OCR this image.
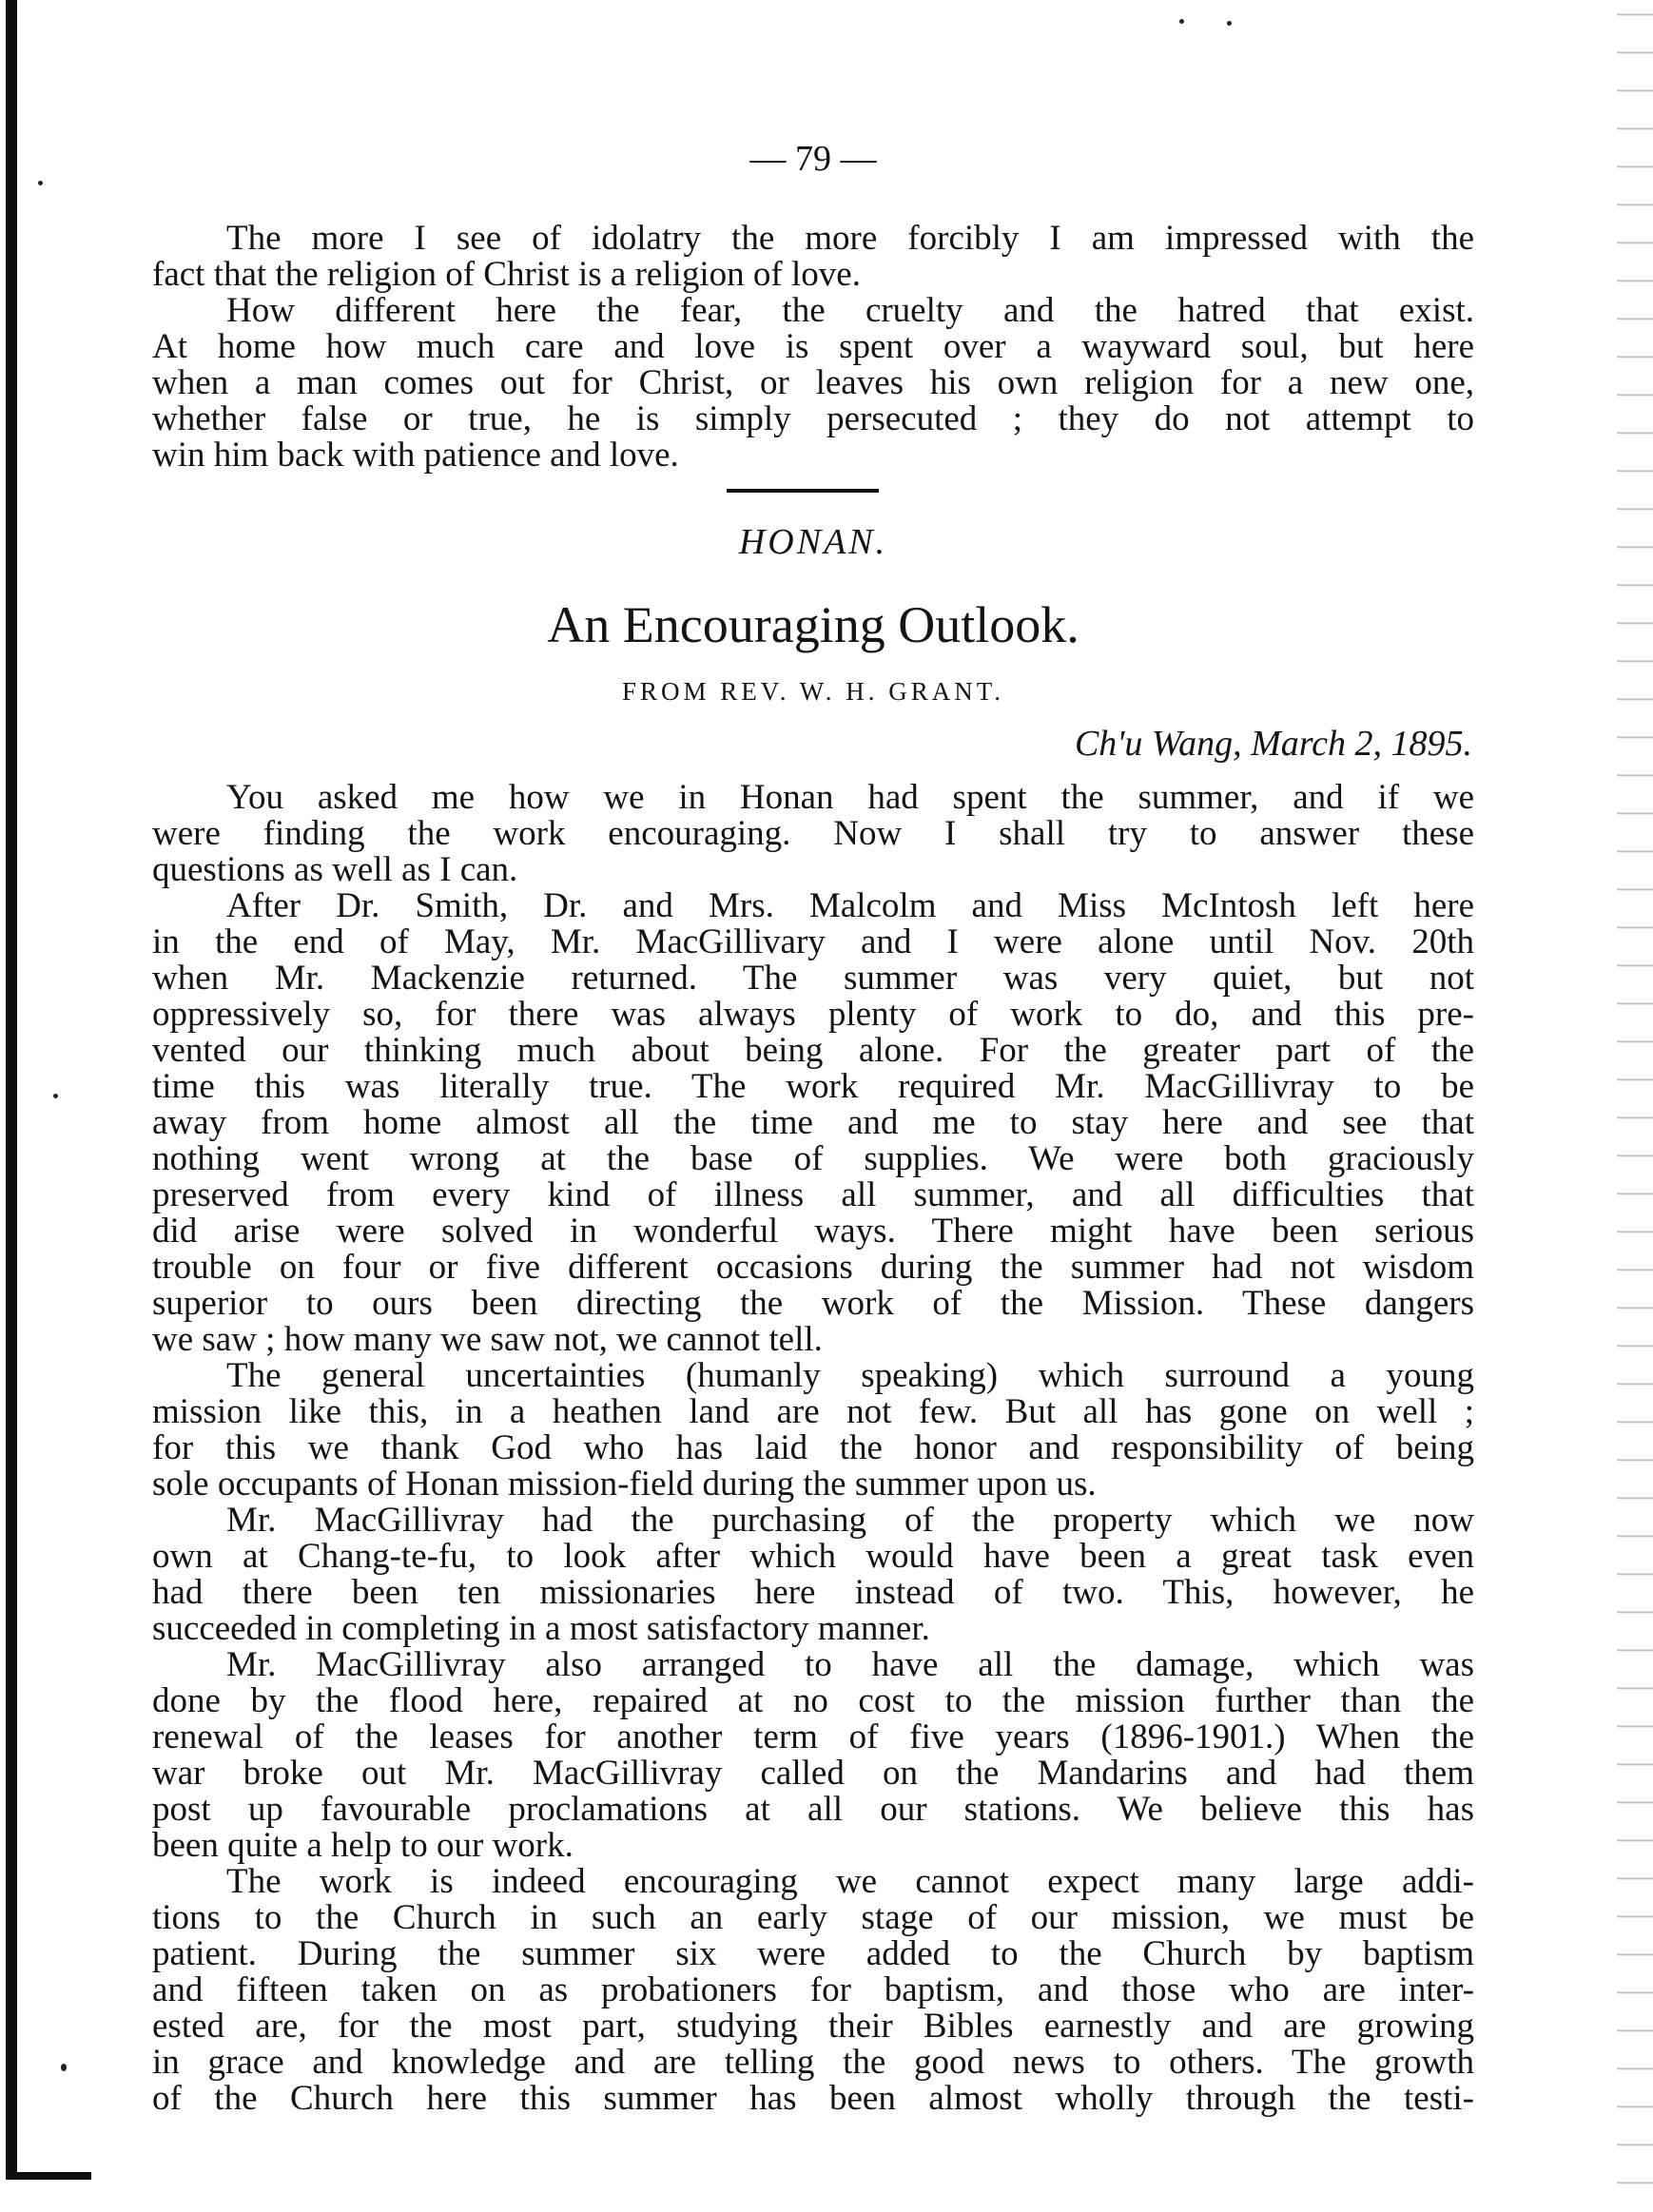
— 79 —
The more I see of idolatry the more forcibly I am impressed with the
fact that the religion of Christ is a religion of love.
How different here the fear, the cruelty and the hatred that exist.
At home how much care and love is spent over a wayward soul, but here
when a man comes out for Christ, or leaves his own religion for a new one,
whether false or true, he is simply persecuted ; they do not attempt to
win him back with patience and love.
HONAN.
An Encouraging Outlook.
FROM REV. W. H. GRANT.
Ch'u Wang, March 2, 1895.
You asked me how we in Honan had spent the summer, and if we
were finding the work encouraging. Now I shall try to answer these
questions as well as I can.
After Dr. Smith, Dr. and Mrs. Malcolm and Miss McIntosh left here
in the end of May, Mr. MacGillivary and I were alone until Nov. 20th
when Mr. Mackenzie returned. The summer was very quiet, but not
oppressively so, for there was always plenty of work to do, and this pre-
vented our thinking much about being alone. For the greater part of the
time this was literally true. The work required Mr. MacGillivray to be
away from home almost all the time and me to stay here and see that
nothing went wrong at the base of supplies. We were both graciously
preserved from every kind of illness all summer, and all difficulties that
did arise were solved in wonderful ways. There might have been serious
trouble on four or five different occasions during the summer had not wisdom
superior to ours been directing the work of the Mission. These dangers
we saw ; how many we saw not, we cannot tell.
The general uncertainties (humanly speaking) which surround a young
mission like this, in a heathen land are not few. But all has gone on well ;
for this we thank God who has laid the honor and responsibility of being
sole occupants of Honan mission-field during the summer upon us.
Mr. MacGillivray had the purchasing of the property which we now
own at Chang-te-fu, to look after which would have been a great task even
had there been ten missionaries here instead of two. This, however, he
succeeded in completing in a most satisfactory manner.
Mr. MacGillivray also arranged to have all the damage, which was
done by the flood here, repaired at no cost to the mission further than the
renewal of the leases for another term of five years (1896-1901.) When the
war broke out Mr. MacGillivray called on the Mandarins and had them
post up favourable proclamations at all our stations. We believe this has
been quite a help to our work.
The work is indeed encouraging we cannot expect many large addi-
tions to the Church in such an early stage of our mission, we must be
patient. During the summer six were added to the Church by baptism
and fifteen taken on as probationers for baptism, and those who are inter-
ested are, for the most part, studying their Bibles earnestly and are growing
in grace and knowledge and are telling the good news to others. The growth
of the Church here this summer has been almost wholly through the testi-
